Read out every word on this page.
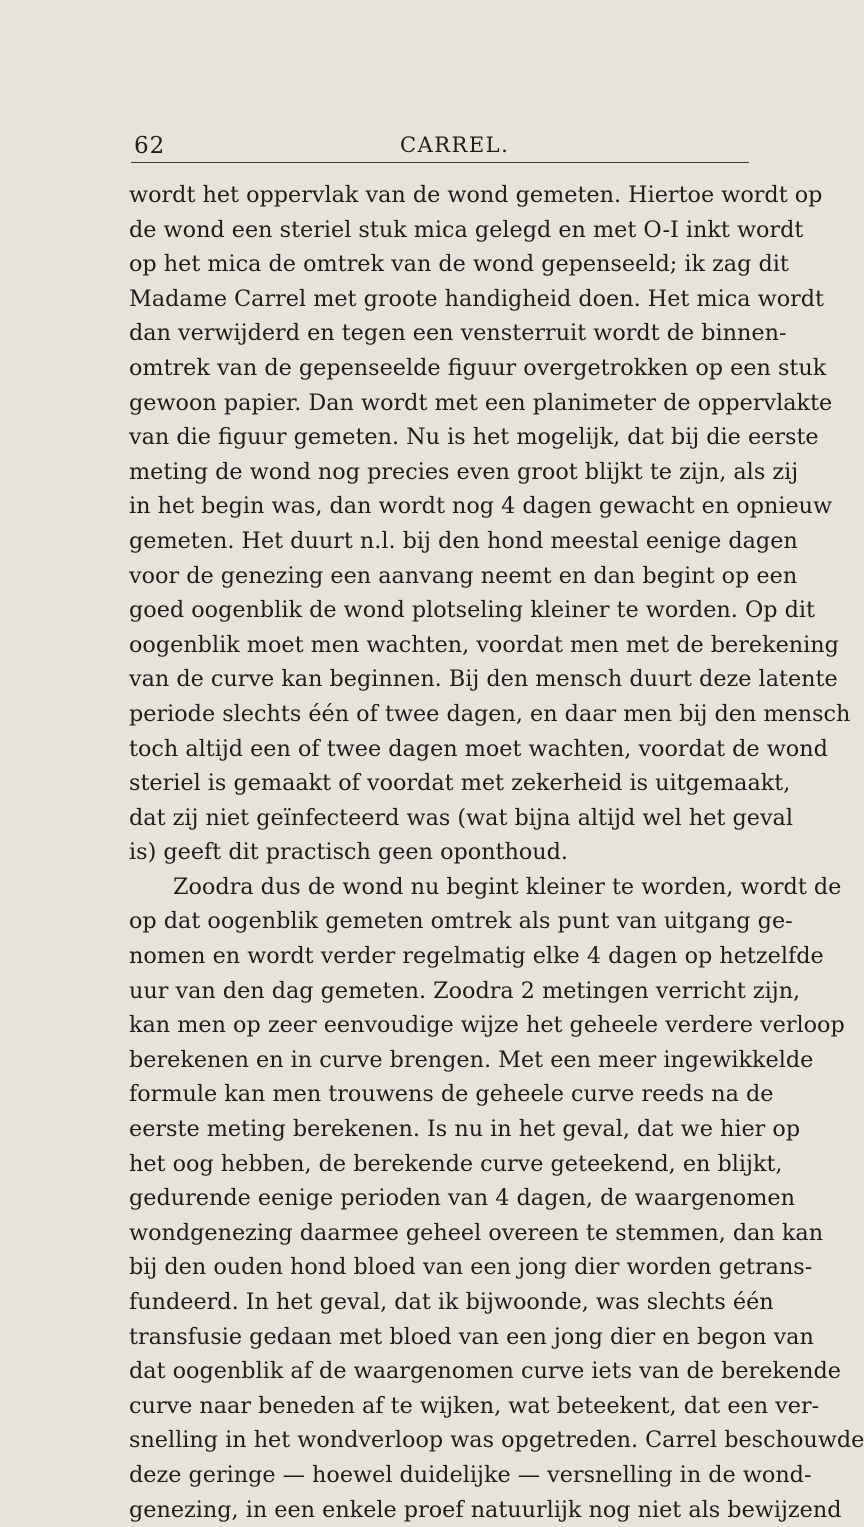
62	CARREL.
wordt het oppervlak van de wond gemeten. Hiertoe wordt op
de wond een steriel stuk mica gelegd en met O-I inkt wordt
op het mica de omtrek van de wond gepenseeld; ik zag dit
Madame Carrel met groote handigheid doen. Het mica wordt
dan verwijderd en tegen een vensterruit wordt de binnen-
omtrek van de gepenseelde figuur overgetrokken op een stuk
gewoon papier. Dan wordt met een planimeter de oppervlakte
van die figuur gemeten. Nu is het mogelijk, dat bij die eerste
meting de wond nog precies even groot blijkt te zijn, als zij
in het begin was, dan wordt nog 4 dagen gewacht en opnieuw
gemeten. Het duurt n.l. bij den hond meestal eenige dagen
voor de genezing een aanvang neemt en dan begint op een
goed oogenblik de wond plotseling kleiner te worden. Op dit
oogenblik moet men wachten, voordat men met de berekening
van de curve kan beginnen. Bij den mensch duurt deze latente
periode slechts één of twee dagen, en daar men bij den mensch
toch altijd een of twee dagen moet wachten, voordat de wond
steriel is gemaakt of voordat met zekerheid is uitgemaakt,
dat zij niet geïnfecteerd was (wat bijna altijd wel het geval
is) geeft dit practisch geen oponthoud.
Zoodra dus de wond nu begint kleiner te worden, wordt de
op dat oogenblik gemeten omtrek als punt van uitgang ge-
nomen en wordt verder regelmatig elke 4 dagen op hetzelfde
uur van den dag gemeten. Zoodra 2 metingen verricht zijn,
kan men op zeer eenvoudige wijze het geheele verdere verloop
berekenen en in curve brengen. Met een meer ingewikkelde
formule kan men trouwens de geheele curve reeds na de
eerste meting berekenen. Is nu in het geval, dat we hier op
het oog hebben, de berekende curve geteekend, en blijkt,
gedurende eenige perioden van 4 dagen, de waargenomen
wondgenezing daarmee geheel overeen te stemmen, dan kan
bij den ouden hond bloed van een jong dier worden getrans-
fundeerd. In het geval, dat ik bijwoonde, was slechts één
transfusie gedaan met bloed van een jong dier en begon van
dat oogenblik af de waargenomen curve iets van de berekende
curve naar beneden af te wijken, wat beteekent, dat een ver-
snelling in het wondverloop was opgetreden. Carrel beschouwde
deze geringe — hoewel duidelijke — versnelling in de wond-
genezing, in een enkele proef natuurlijk nog niet als bewijzend
